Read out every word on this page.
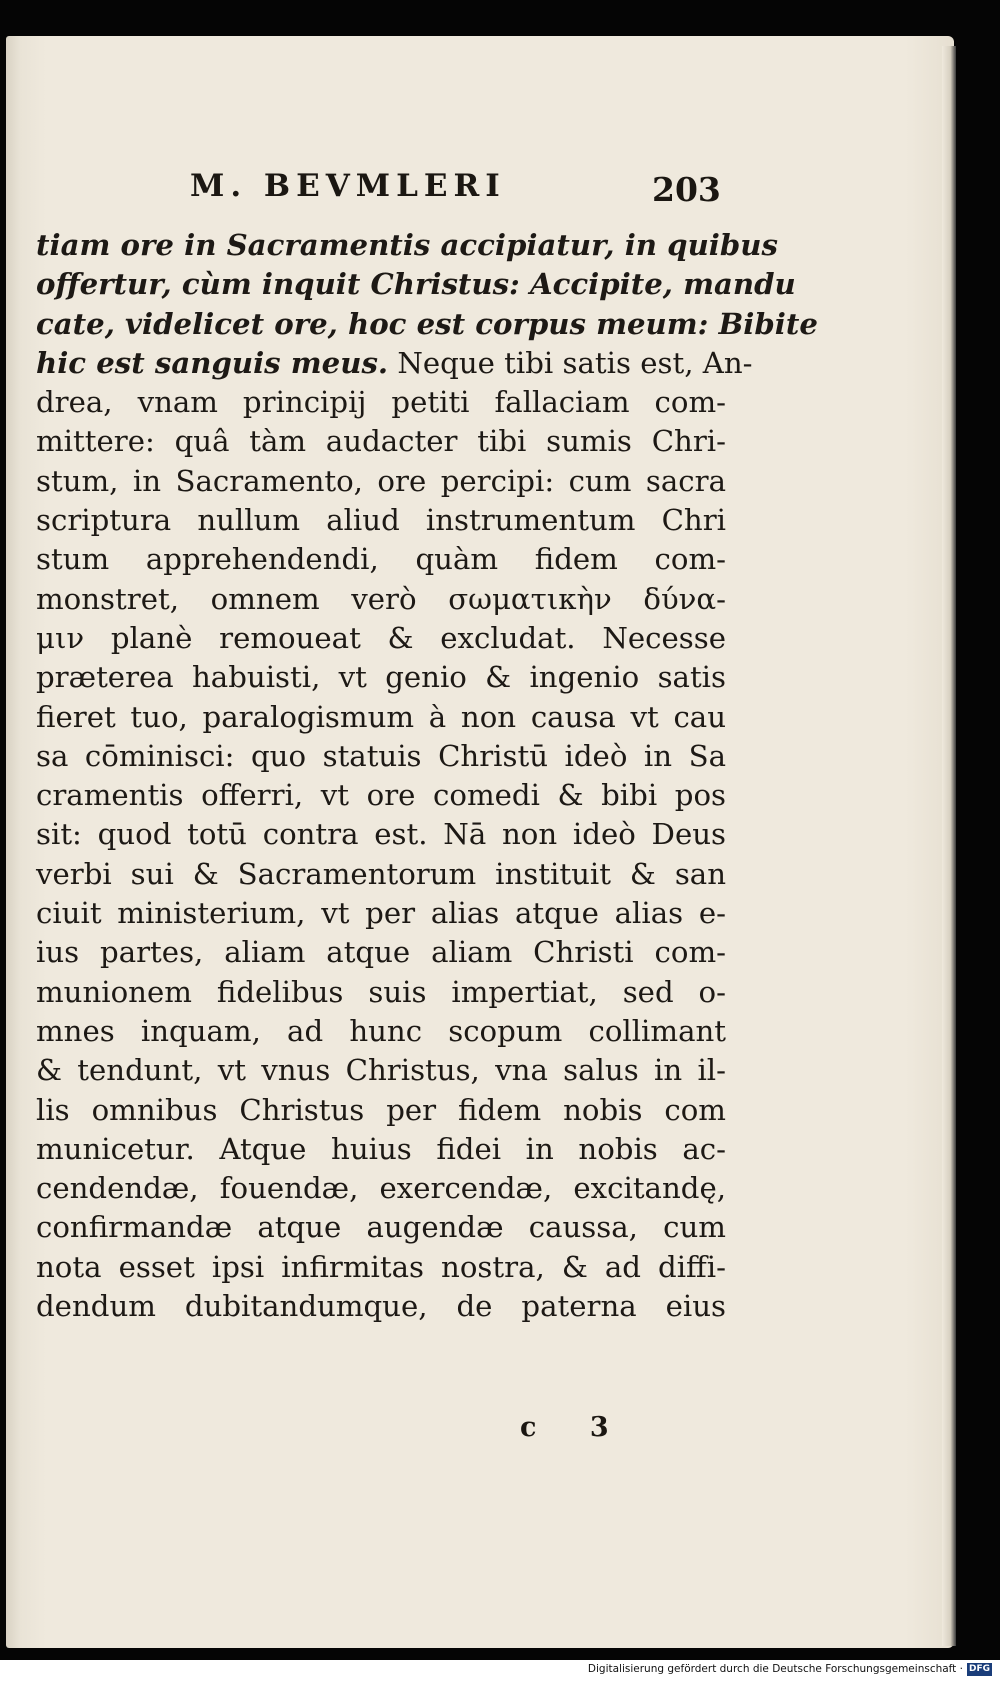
M. BEVMLERI	203
tiam ore in Sacramentis accipiatur, in quibus
offertur, cùm inquit Christus: Accipite, mandu
cate, videlicet ore, hoc est corpus meum: Bibite
hic est sanguis meus. Neque tibi satis est, An-
drea, vnam principij petiti fallaciam com-
mittere: quâ tàm audacter tibi sumis Chri-
stum, in Sacramento, ore percipi: cum sacra
scriptura nullum aliud instrumentum Chri
stum apprehendendi, quàm fidem com-
monstret, omnem verò σωματικὴν δύνα-
μιν planè remoueat & excludat. Necesse
præterea habuisti, vt genio & ingenio satis
fieret tuo, paralogismum à non causa vt cau
sa cōminisci: quo statuis Christū ideò in Sa
cramentis offerri, vt ore comedi & bibi pos
sit: quod totū contra est. Nā non ideò Deus
verbi sui & Sacramentorum instituit & san
ciuit ministerium, vt per alias atque alias e-
ius partes, aliam atque aliam Christi com-
munionem fidelibus suis impertiat, sed o-
mnes inquam, ad hunc scopum collimant
& tendunt, vt vnus Christus, vna salus in il-
lis omnibus Christus per fidem nobis com
municetur. Atque huius fidei in nobis ac-
cendendæ, fouendæ, exercendæ, excitandę,
confirmandæ atque augendæ caussa, cum
nota esset ipsi infirmitas nostra, & ad diffi-
dendum dubitandumque, de paterna eius
c 3
Digitalisierung gefördert durch die Deutsche Forschungsgemeinschaft · DFG
